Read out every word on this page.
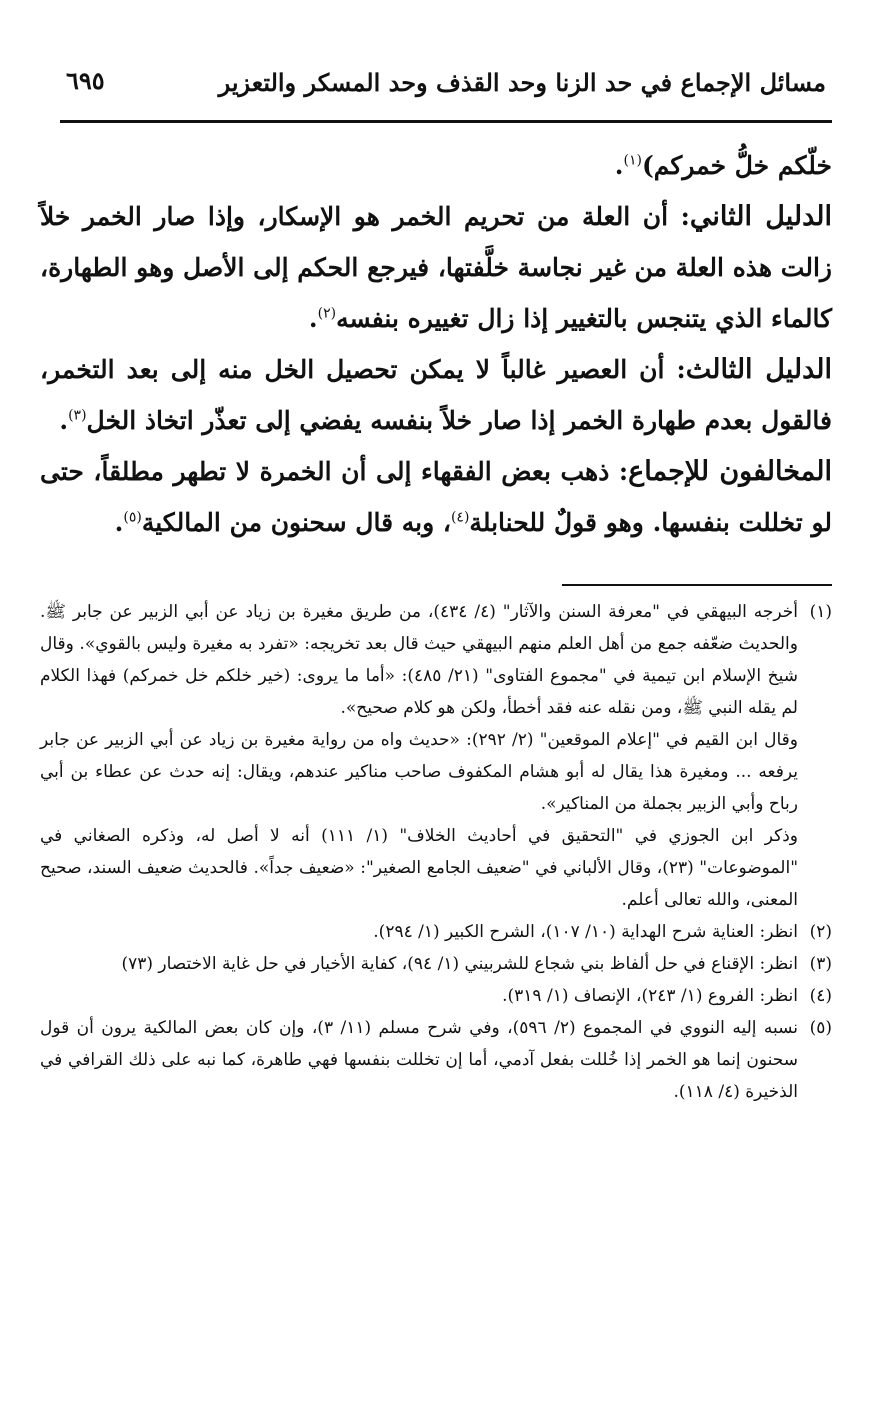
مسائل الإجماع في حد الزنا وحد القذف وحد المسكر والتعزير
٦٩٥

خلّكم خلُّ خمركم)$^{(١)}$.

الدليل الثاني: أن العلة من تحريم الخمر هو الإسكار، وإذا صار الخمر خلاً زالت هذه العلة من غير نجاسة خلَّفتها، فيرجع الحكم إلى الأصل وهو الطهارة، كالماء الذي يتنجس بالتغيير إذا زال تغييره بنفسه$^{(٢)}$.

الدليل الثالث: أن العصير غالباً لا يمكن تحصيل الخل منه إلى بعد التخمر، فالقول بعدم طهارة الخمر إذا صار خلاً بنفسه يفضي إلى تعذّر اتخاذ الخل$^{(٣)}$.

المخالفون للإجماع: ذهب بعض الفقهاء إلى أن الخمرة لا تطهر مطلقاً، حتى لو تخللت بنفسها. وهو قولٌ للحنابلة$^{(٤)}$، وبه قال سحنون من المالكية$^{(٥)}$.

(١)

أخرجه البيهقي في "معرفة السنن والآثار" (٤/ ٤٣٤)، من طريق مغيرة بن زياد عن أبي الزبير عن جابر ﷺ. والحديث ضعّفه جمع من أهل العلم منهم البيهقي حيث قال بعد تخريجه: «تفرد به مغيرة وليس بالقوي». وقال شيخ الإسلام ابن تيمية في "مجموع الفتاوى" (٢١/ ٤٨٥): «أما ما يروى: (خير خلكم خل خمركم) فهذا الكلام لم يقله النبي ﷺ، ومن نقله عنه فقد أخطأ، ولكن هو كلام صحيح».

وقال ابن القيم في "إعلام الموقعين" (٢/ ٢٩٢): «حديث واه من رواية مغيرة بن زياد عن أبي الزبير عن جابر يرفعه ... ومغيرة هذا يقال له أبو هشام المكفوف صاحب مناكير عندهم، ويقال: إنه حدث عن عطاء بن أبي رباح وأبي الزبير بجملة من المناكير».

وذكر ابن الجوزي في "التحقيق في أحاديث الخلاف" (١/ ١١١) أنه لا أصل له، وذكره الصغاني في "الموضوعات" (٢٣)، وقال الألباني في "ضعيف الجامع الصغير": «ضعيف جداً». فالحديث ضعيف السند، صحيح المعنى، والله تعالى أعلم.

(٢)

انظر: العناية شرح الهداية (١٠/ ١٠٧)، الشرح الكبير (١/ ٢٩٤).

(٣)

انظر: الإقناع في حل ألفاظ بني شجاع للشربيني (١/ ٩٤)، كفاية الأخيار في حل غاية الاختصار (٧٣)

(٤)

انظر: الفروع (١/ ٢٤٣)، الإنصاف (١/ ٣١٩).

(٥)

نسبه إليه النووي في المجموع (٢/ ٥٩٦)، وفي شرح مسلم (١١/ ٣)، وإن كان بعض المالكية يرون أن قول سحنون إنما هو الخمر إذا خُللت بفعل آدمي، أما إن تخللت بنفسها فهي طاهرة، كما نبه على ذلك القرافي في الذخيرة (٤/ ١١٨).
